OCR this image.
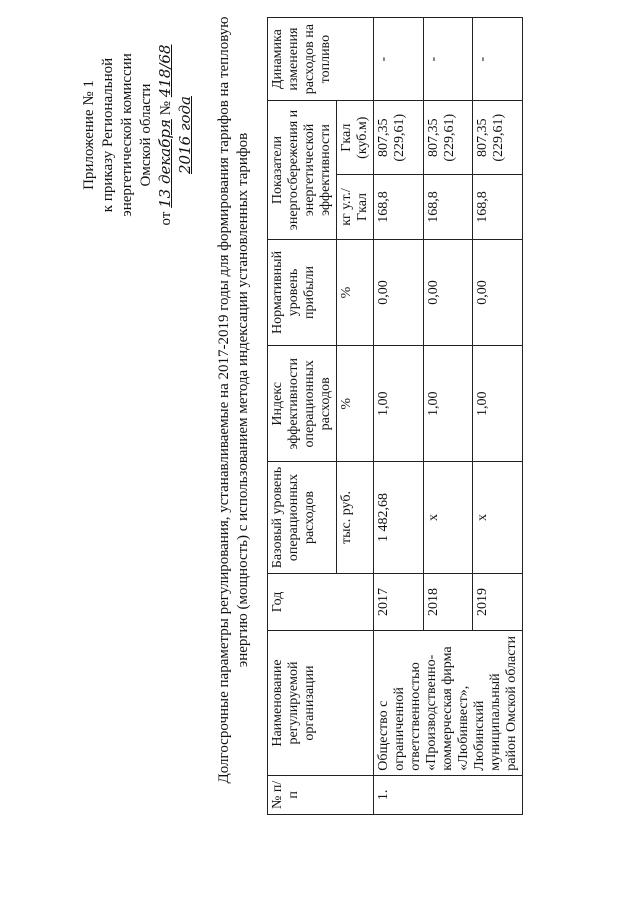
Приложение № 1 к приказу Региональной энергетической комиссии Омской области
от 13 декабря № 418/68
2016 года Долгосрочные параметры регулирования, устанавливаемые на 2017-2019 годы для формирования тарифов на тепловую энергию (мощность) с использованием метода индексации установленных тарифов
№ п/п	Наименование регулируемой организации	Год	Базовый уровень операционных расходов	Индекс эффективности операционных расходов	Нормативный уровень прибыли	Показатели энергосбережения и энергетической эффективности		Динамика изменения расходов на топливо
			тыс. руб.	%	%	кг у.т./Гкал	Гкал (куб.м)	
1.	Общество с ограниченной ответственностью «Производственно-коммерческая фирма «Любинвест», Любинский муниципальный район Омской области	2017	1 482,68	1,00	0,00	168,8	807,35 (229,61)	-
		2018	x	1,00	0,00	168,8	807,35 (229,61)	-
		2019	x	1,00	0,00	168,8	807,35 (229,61)	-
